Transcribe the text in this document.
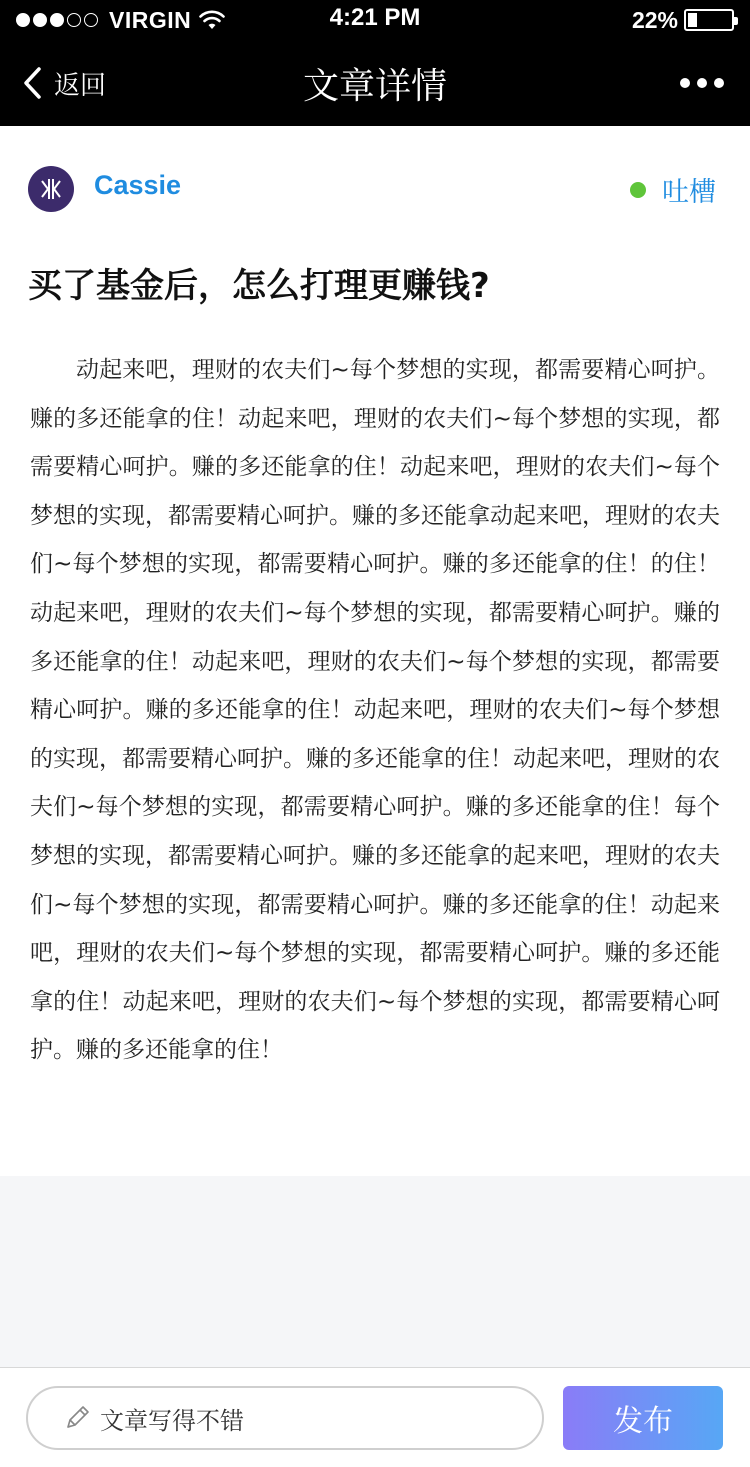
VIRGIN	4:21 PM	22%
返回	文章详情
Cassie	吐槽
买了基金后，怎么打理更赚钱?

动起来吧，理财的农夫们~每个梦想的实现，都需要精心呵护。赚的多还能拿的住！动起来吧，理财的农夫们~每个梦想的实现，都需要精心呵护。赚的多还能拿的住！动起来吧，理财的农夫们~每个梦想的实现，都需要精心呵护。赚的多还能拿动起来吧，理财的农夫们~每个梦想的实现，都需要精心呵护。赚的多还能拿的住！的住！动起来吧，理财的农夫们~每个梦想的实现，都需要精心呵护。赚的多还能拿的住！动起来吧，理财的农夫们~每个梦想的实现，都需要精心呵护。赚的多还能拿的住！动起来吧，理财的农夫们~每个梦想的实现，都需要精心呵护。赚的多还能拿的住！动起来吧，理财的农夫们~每个梦想的实现，都需要精心呵护。赚的多还能拿的住！每个梦想的实现，都需要精心呵护。赚的多还能拿的起来吧，理财的农夫们~每个梦想的实现，都需要精心呵护。赚的多还能拿的住！动起来吧，理财的农夫们~每个梦想的实现，都需要精心呵护。赚的多还能拿的住！动起来吧，理财的农夫们~每个梦想的实现，都需要精心呵护。赚的多还能拿的住！

文章写得不错	发布
